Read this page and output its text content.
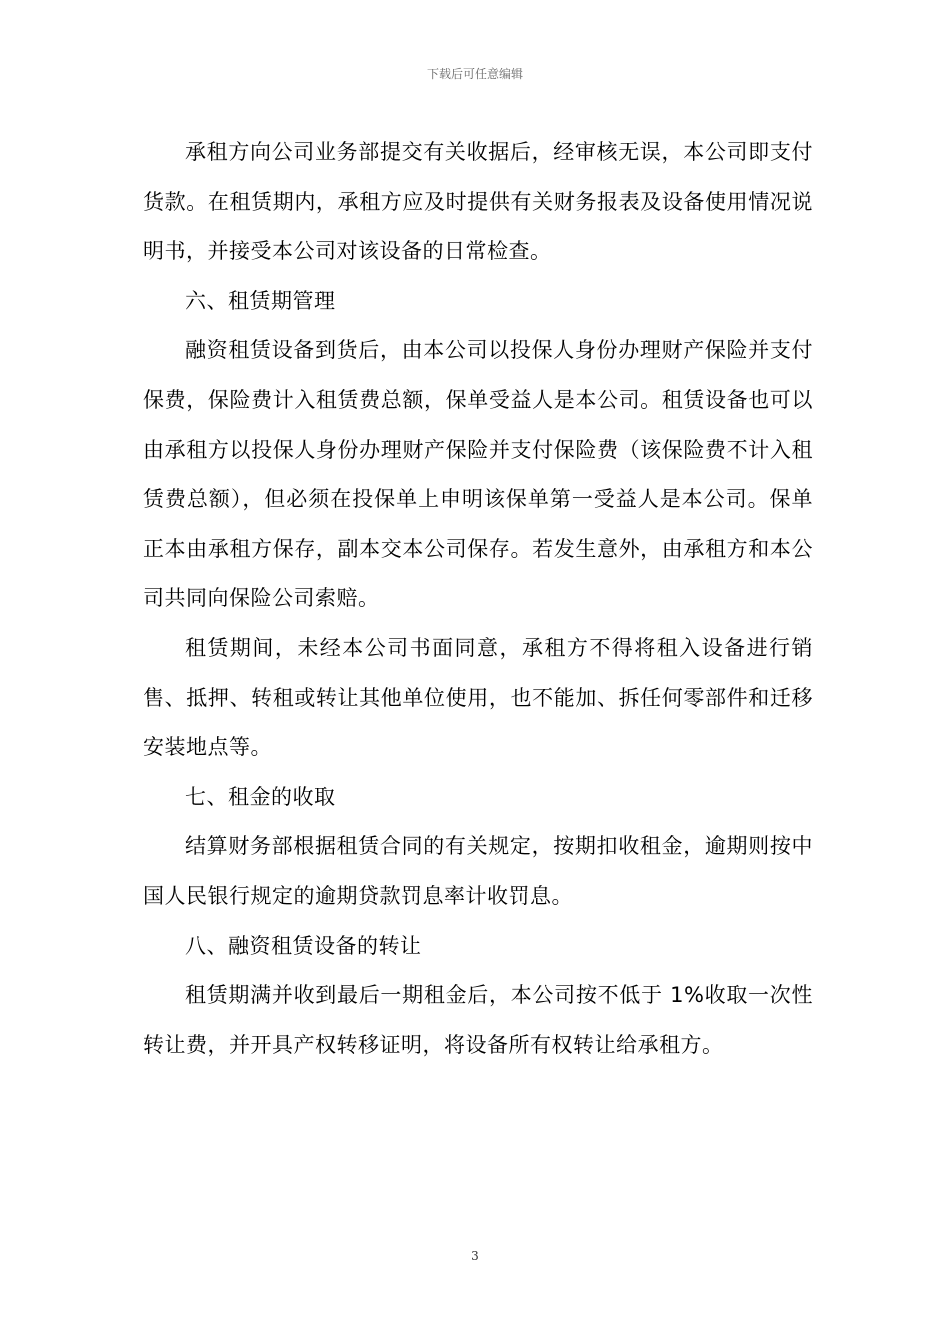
下载后可任意编辑

承租方向公司业务部提交有关收据后，经审核无误，本公司即支付货款。在租赁期内，承租方应及时提供有关财务报表及设备使用情况说明书，并接受本公司对该设备的日常检查。

六、租赁期管理

融资租赁设备到货后，由本公司以投保人身份办理财产保险并支付保费，保险费计入租赁费总额，保单受益人是本公司。租赁设备也可以由承租方以投保人身份办理财产保险并支付保险费（该保险费不计入租赁费总额），但必须在投保单上申明该保单第一受益人是本公司。保单正本由承租方保存，副本交本公司保存。若发生意外，由承租方和本公司共同向保险公司索赔。

租赁期间，未经本公司书面同意，承租方不得将租入设备进行销售、抵押、转租或转让其他单位使用，也不能加、拆任何零部件和迁移安装地点等。

七、租金的收取

结算财务部根据租赁合同的有关规定，按期扣收租金，逾期则按中国人民银行规定的逾期贷款罚息率计收罚息。

八、融资租赁设备的转让

租赁期满并收到最后一期租金后，本公司按不低于 1%收取一次性转让费，并开具产权转移证明，将设备所有权转让给承租方。

3
